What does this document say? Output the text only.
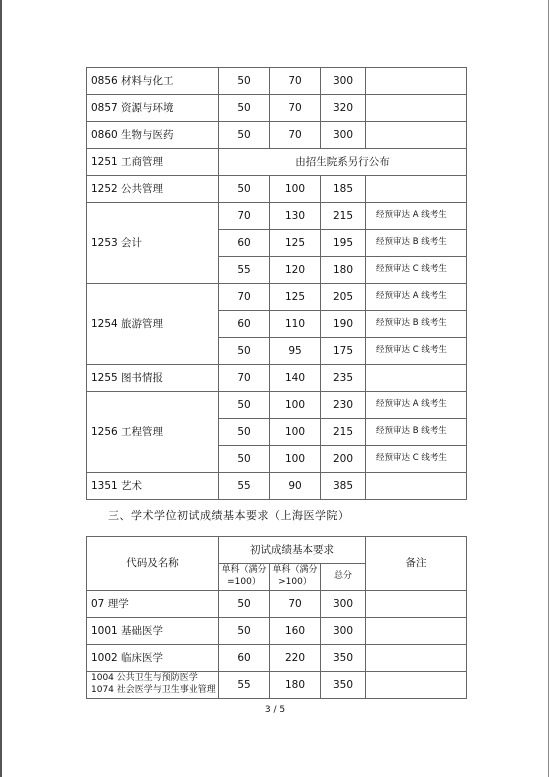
0856 材料与化工	50	70	300	
0857 资源与环境	50	70	320	
0860 生物与医药	50	70	300	
1251 工商管理	由招生院系另行公布			
1252 公共管理	50	100	185	
1253 会计	70	130	215	经预审达 A 线考生
	60	125	195	经预审达 B 线考生
	55	120	180	经预审达 C 线考生
1254 旅游管理	70	125	205	经预审达 A 线考生
	60	110	190	经预审达 B 线考生
	50	95	175	经预审达 C 线考生
1255 图书情报	70	140	235	
1256 工程管理	50	100	230	经预审达 A 线考生
	50	100	215	经预审达 B 线考生
	50	100	200	经预审达 C 线考生
1351 艺术	55	90	385	
三、学术学位初试成绩基本要求（上海医学院）
代码及名称	初试成绩基本要求			备注
	单科（满分=100）	单科（满分>100）	总分	
07 理学	50	70	300	
1001 基础医学	50	160	300	
1002 临床医学	60	220	350	

1004 公共卫生与预防医学
1074 社会医学与卫生事业管理	55	180	350	
3 / 5
